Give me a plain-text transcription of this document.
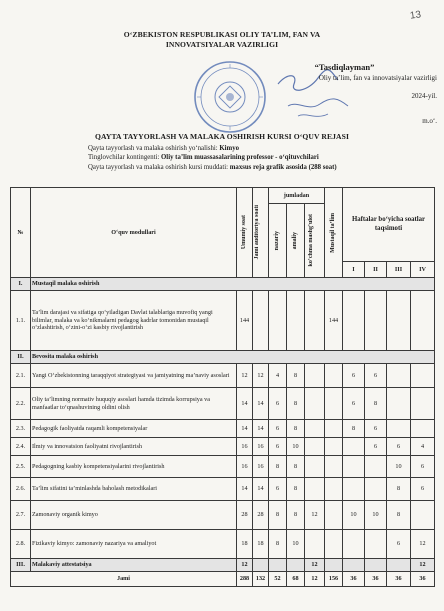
13
O‘ZBEKISTON RESPUBLIKASI OLIY TA’LIM, FAN VA
INNOVATSIYALAR VAZIRLIGI
“Tasdiqlayman”
Oliy ta’lim, fan va innovatsiyalar vazirligi
2024-yil.
m.o‘.
QAYTA TAYYORLASH VA MALAKA OSHIRISH KURSI O‘QUV REJASI
Qayta tayyorlash va malaka oshirish yo‘nalishi: Kimyo
Tinglovchilar kontingenti: Oliy ta’lim muassasalarining professor - o‘qituvchilari
Qayta tayyorlash va malaka oshirish kursi muddati: maxsus reja grafik asosida (288 soat)
№	O‘quv modullari	Umumiy soat	Jami auditoriya soati	jumladan			Mustaqil ta’lim	Haftalar bo‘yicha soatlar taqsimoti			

				nazariy	amaliy	ko‘chma mashg‘ulot					

								I	II	III	IV
I.	Mustaqil malaka oshirish										
1.1.	Ta’lim darajasi va sifatiga qo‘yiladigan Davlat talablariga muvofiq yangi bilimlar, malaka va ko‘nikmalarni pedagog kadrlar tomonidan mustaqil o‘zlashtirish, o‘zini-o‘zi kasbiy rivojlantirish	144					144				
II.	Bevosita malaka oshirish										
2.1.	Yangi O‘zbekistonning taraqqiyot strategiyasi va jamiyatning ma’naviy asoslari	12	12	4	8			6	6		
2.2.	Oliy ta’limning normativ huquqiy asoslari hamda tizimda korrupsiya va manfaatlar to‘qnashuvining oldini olish	14	14	6	8			6	8		
2.3.	Pedagogik faoliyatda raqamli kompetensiyalar	14	14	6	8			8	6		
2.4.	Ilmiy va innovatsion faoliyatni rivojlantirish	16	16	6	10				6	6	4
2.5.	Pedagogning kasbiy kompetensiyalarini rivojlantirish	16	16	8	8					10	6
2.6.	Ta’lim sifatini ta’minlashda baholash metodikalari	14	14	6	8					8	6
2.7.	Zamonaviy organik kimyo	28	28	8	8	12		10	10	8	
2.8.	Fizikaviy kimyo: zamonaviy nazariya va amaliyot	18	18	8	10					6	12
III.	Malakaviy attestatsiya	12				12					12
Jami		288	132	52	68	12	156	36	36	36	36
